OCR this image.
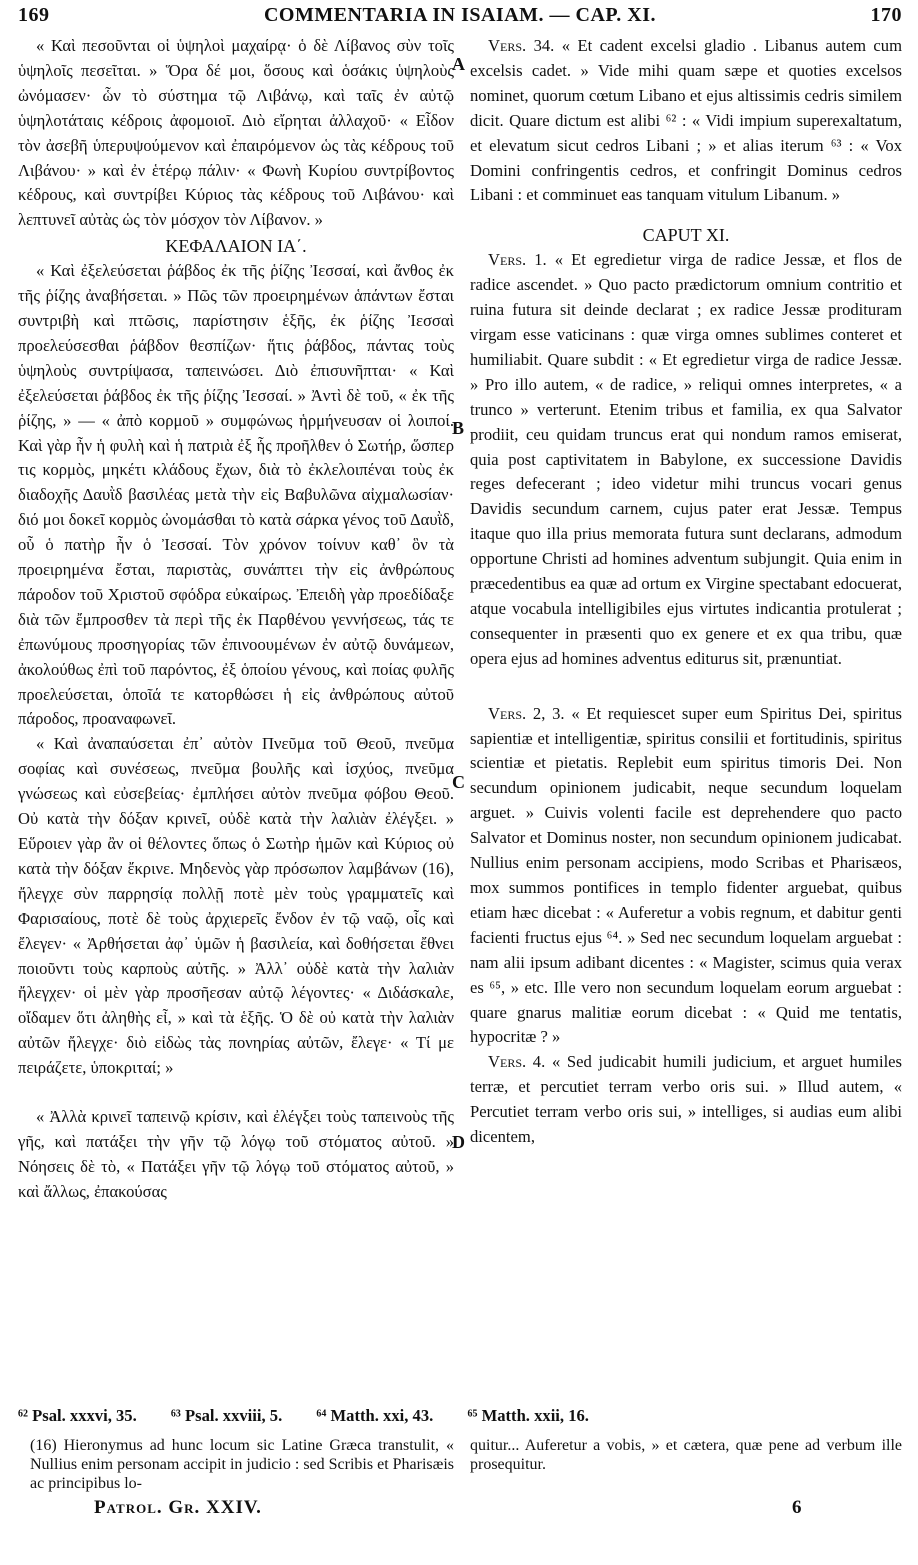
169	COMMENTARIA IN ISAIAM. — CAP. XI.	170

« Καὶ πεσοῦνται οἱ ὑψηλοὶ μαχαίρᾳ· ὁ δὲ Λίβανος σὺν τοῖς ὑψηλοῖς πεσεῖται. » Ὅρα δέ μοι, ὅσους καὶ ὁσάκις ὑψηλοὺς ὠνόμασεν· ὧν τὸ σύστημα τῷ Λιβάνῳ, καὶ ταῖς ἐν αὐτῷ ὑψηλοτάταις κέδροις ἀφομοιοῖ. Διὸ εἴρηται ἀλλαχοῦ· « Εἶδον τὸν ἀσεβῆ ὑπερυψούμενον καὶ ἐπαιρόμενον ὡς τὰς κέδρους τοῦ Λιβάνου· » καὶ ἐν ἑτέρῳ πάλιν· « Φωνὴ Κυρίου συντρίβοντος κέδρους, καὶ συντρίβει Κύριος τὰς κέδρους τοῦ Λιβάνου· καὶ λεπτυνεῖ αὐτὰς ὡς τὸν μόσχον τὸν Λίβανον. »

ΚΕΦΑΛΑΙΟΝ ΙΑ΄.

« Καὶ ἐξελεύσεται ῥάβδος ἐκ τῆς ῥίζης Ἰεσσαί, καὶ ἄνθος ἐκ τῆς ῥίζης ἀναβήσεται. » Πῶς τῶν προειρημένων ἁπάντων ἔσται συντριβὴ καὶ πτῶσις, παρίστησιν ἑξῆς, ἐκ ῥίζης Ἰεσσαὶ προελεύσεσθαι ῥάβδον θεσπίζων· ἥτις ῥάβδος, πάντας τοὺς ὑψηλοὺς συντρίψασα, ταπεινώσει. Διὸ ἐπισυνῆπται· « Καὶ ἐξελεύσεται ῥάβδος ἐκ τῆς ῥίζης Ἰεσσαί. » Ἀντὶ δὲ τοῦ, « ἐκ τῆς ῥίζης, » — « ἀπὸ κορμοῦ » συμφώνως ἡρμήνευσαν οἱ λοιποί. Καὶ γὰρ ἦν ἡ φυλὴ καὶ ἡ πατριὰ ἐξ ἧς προῆλθεν ὁ Σωτήρ, ὥσπερ τις κορμὸς, μηκέτι κλάδους ἔχων, διὰ τὸ ἐκλελοιπέναι τοὺς ἐκ διαδοχῆς Δαυῒδ βασιλέας μετὰ τὴν εἰς Βαβυλῶνα αἰχμαλωσίαν· διό μοι δοκεῖ κορμὸς ὠνομάσθαι τὸ κατὰ σάρκα γένος τοῦ Δαυῒδ, οὗ ὁ πατὴρ ἦν ὁ Ἰεσσαί. Τὸν χρόνον τοίνυν καθ᾽ ὃν τὰ προειρημένα ἔσται, παριστὰς, συνάπτει τὴν εἰς ἀνθρώπους πάροδον τοῦ Χριστοῦ σφόδρα εὐκαίρως. Ἐπειδὴ γὰρ προεδίδαξε διὰ τῶν ἔμπροσθεν τὰ περὶ τῆς ἐκ Παρθένου γεννήσεως, τάς τε ἐπωνύμους προσηγορίας τῶν ἐπινοουμένων ἐν αὐτῷ δυνάμεων, ἀκολούθως ἐπὶ τοῦ παρόντος, ἐξ ὁποίου γένους, καὶ ποίας φυλῆς προελεύσεται, ὁποῖά τε κατορθώσει ἡ εἰς ἀνθρώπους αὐτοῦ πάροδος, προαναφωνεῖ.

« Καὶ ἀναπαύσεται ἐπ᾽ αὐτὸν Πνεῦμα τοῦ Θεοῦ, πνεῦμα σοφίας καὶ συνέσεως, πνεῦμα βουλῆς καὶ ἰσχύος, πνεῦμα γνώσεως καὶ εὐσεβείας· ἐμπλήσει αὐτὸν πνεῦμα φόβου Θεοῦ. Οὐ κατὰ τὴν δόξαν κρινεῖ, οὐδὲ κατὰ τὴν λαλιὰν ἐλέγξει. » Εὕροιεν γὰρ ἂν οἱ θέλοντες ὅπως ὁ Σωτὴρ ἡμῶν καὶ Κύριος οὐ κατὰ τὴν δόξαν ἔκρινε. Μηδενὸς γὰρ πρόσωπον λαμβάνων (16), ἤλεγχε σὺν παρρησίᾳ πολλῇ ποτὲ μὲν τοὺς γραμματεῖς καὶ Φαρισαίους, ποτὲ δὲ τοὺς ἀρχιερεῖς ἔνδον ἐν τῷ ναῷ, οἷς καὶ ἔλεγεν· « Ἀρθήσεται ἀφ᾽ ὑμῶν ἡ βασιλεία, καὶ δοθήσεται ἔθνει ποιοῦντι τοὺς καρποὺς αὐτῆς. » Ἀλλ᾽ οὐδὲ κατὰ τὴν λαλιὰν ἤλεγχεν· οἱ μὲν γὰρ προσῆεσαν αὐτῷ λέγοντες· « Διδάσκαλε, οἴδαμεν ὅτι ἀληθὴς εἶ, » καὶ τὰ ἑξῆς. Ὁ δὲ οὐ κατὰ τὴν λαλιὰν αὐτῶν ἤλεγχε· διὸ εἰδὼς τὰς πονηρίας αὐτῶν, ἔλεγε· « Τί με πειράζετε, ὑποκριταί; »

« Ἀλλὰ κρινεῖ ταπεινῷ κρίσιν, καὶ ἐλέγξει τοὺς ταπεινοὺς τῆς γῆς, καὶ πατάξει τὴν γῆν τῷ λόγῳ τοῦ στόματος αὐτοῦ. » Νόησεις δὲ τὸ, « Πατάξει γῆν τῷ λόγῳ τοῦ στόματος αὐτοῦ, » καὶ ἄλλως, ἐπακούσας

Vers. 34. « Et cadent excelsi gladio . Libanus autem cum excelsis cadet. » Vide mihi quam sæpe et quoties excelsos nominet, quorum cœtum Libano et ejus altissimis cedris similem dicit. Quare dictum est alibi ⁶² : « Vidi impium superexaltatum, et elevatum sicut cedros Libani ; » et alias iterum ⁶³ : « Vox Domini confringentis cedros, et confringit Dominus cedros Libani : et comminuet eas tanquam vitulum Libanum. »

CAPUT XI.

Vers. 1. « Et egredietur virga de radice Jessæ, et flos de radice ascendet. » Quo pacto prædictorum omnium contritio et ruina futura sit deinde declarat ; ex radice Jessæ prodituram virgam esse vaticinans : quæ virga omnes sublimes conteret et humiliabit. Quare subdit : « Et egredietur virga de radice Jessæ. » Pro illo autem, « de radice, » reliqui omnes interpretes, « a trunco » verterunt. Etenim tribus et familia, ex qua Salvator prodiit, ceu quidam truncus erat qui nondum ramos emiserat, quia post captivitatem in Babylone, ex successione Davidis reges defecerant ; ideo videtur mihi truncus vocari genus Davidis secundum carnem, cujus pater erat Jessæ. Tempus itaque quo illa prius memorata futura sunt declarans, admodum opportune Christi ad homines adventum subjungit. Quia enim in præcedentibus ea quæ ad ortum ex Virgine spectabant edocuerat, atque vocabula intelligibiles ejus virtutes indicantia protulerat ; consequenter in præsenti quo ex genere et ex qua tribu, quæ opera ejus ad homines adventus editurus sit, prænuntiat.

Vers. 2, 3. « Et requiescet super eum Spiritus Dei, spiritus sapientiæ et intelligentiæ, spiritus consilii et fortitudinis, spiritus scientiæ et pietatis. Replebit eum spiritus timoris Dei. Non secundum opinionem judicabit, neque secundum loquelam arguet. » Cuivis volenti facile est deprehendere quo pacto Salvator et Dominus noster, non secundum opinionem judicabat. Nullius enim personam accipiens, modo Scribas et Pharisæos, mox summos pontifices in templo fidenter arguebat, quibus etiam hæc dicebat : « Auferetur a vobis regnum, et dabitur genti facienti fructus ejus ⁶⁴. » Sed nec secundum loquelam arguebat : nam alii ipsum adibant dicentes : « Magister, scimus quia verax es ⁶⁵, » etc. Ille vero non secundum loquelam eorum arguebat : quare gnarus malitiæ eorum dicebat : « Quid me tentatis, hypocritæ ? »

Vers. 4. « Sed judicabit humili judicium, et arguet humiles terræ, et percutiet terram verbo oris sui. » Illud autem, « Percutiet terram verbo oris sui, » intelliges, si audias eum alibi dicentem,

A
B
C
D
⁶² Psal. xxxvi, 35. ⁶³ Psal. xxviii, 5. ⁶⁴ Matth. xxi, 43. ⁶⁵ Matth. xxii, 16.

(16) Hieronymus ad hunc locum sic Latine Græca transtulit, « Nullius enim personam accipit in judicio : sed Scribis et Pharisæis ac principibus lo-

quitur... Auferetur a vobis, » et cætera, quæ pene ad verbum ille prosequitur.

Patrol. Gr. XXIV.	6
